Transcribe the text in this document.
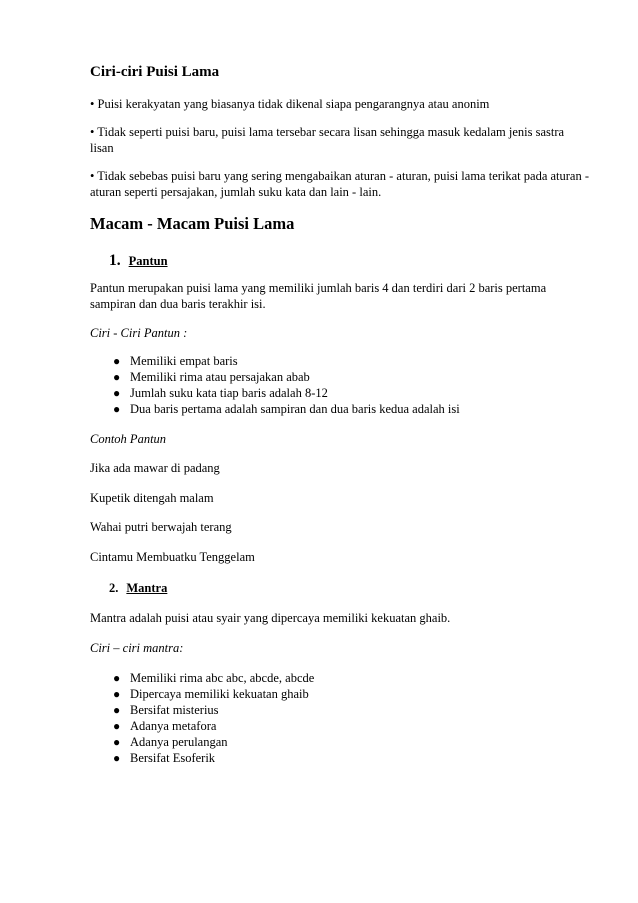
Ciri-ciri Puisi Lama

• Puisi kerakyatan yang biasanya tidak dikenal siapa pengarangnya atau anonim

• Tidak seperti puisi baru, puisi lama tersebar secara lisan sehingga masuk kedalam jenis sastra lisan

• Tidak sebebas puisi baru yang sering mengabaikan aturan - aturan, puisi lama terikat pada aturan - aturan seperti persajakan, jumlah suku kata dan lain - lain.

Macam - Macam Puisi Lama
1. Pantun

Pantun merupakan puisi lama yang memiliki jumlah baris 4 dan terdiri dari 2 baris pertama sampiran dan dua baris terakhir isi.

Ciri - Ciri Pantun :

● Memiliki empat baris
● Memiliki rima atau persajakan abab
● Jumlah suku kata tiap baris adalah 8-12
● Dua baris pertama adalah sampiran dan dua baris kedua adalah isi

Contoh Pantun

Jika ada mawar di padang

Kupetik ditengah malam

Wahai putri berwajah terang

Cintamu Membuatku Tenggelam

2. Mantra

Mantra adalah puisi atau syair yang dipercaya memiliki kekuatan ghaib.

Ciri – ciri mantra:

● Memiliki rima abc abc, abcde, abcde
● Dipercaya memiliki kekuatan ghaib
● Bersifat misterius
● Adanya metafora
● Adanya perulangan
● Bersifat Esoferik
